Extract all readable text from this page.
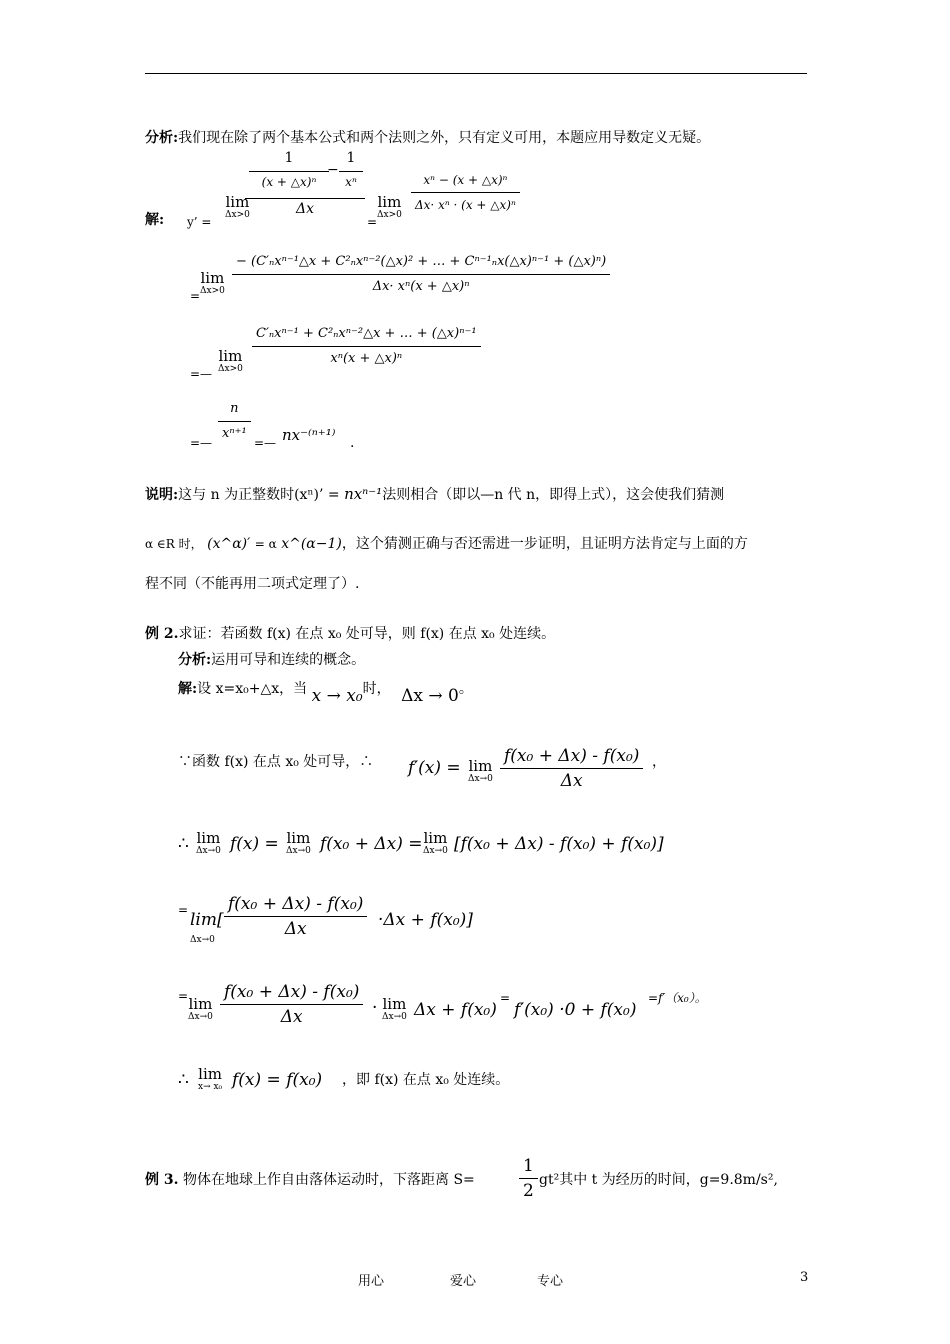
分析:我们现在除了两个基本公式和两个法则之外，只有定义可用，本题应用导数定义无疑。
解: y’ =
lim
Δx>0
1
(x + △x)ⁿ
−
1
xⁿ
Δx
=
lim
$\Delta x>0 \frac{\text{xⁿ − (x + △x)ⁿ}}{\text{Δx· xⁿ · (x + △x)ⁿ}}$
=
lim
Δx>0
− (C′ₙxⁿ⁻¹△x + C²ₙxⁿ⁻²(△x)² + … + Cⁿ⁻¹ₙx(△x)ⁿ⁻¹ + (△x)ⁿ)
Δx· xⁿ(x + △x)ⁿ
=—
lim
Δx>0
C′ₙxⁿ⁻¹ + C²ₙxⁿ⁻²△x + … + (△x)ⁿ⁻¹
xⁿ(x + △x)ⁿ
=— $\frac{n}{\text{xⁿ⁺¹}}$ =— nx⁻⁽ⁿ⁺¹⁾ .
说明:这与 n 为正整数时(xⁿ)’ = nxⁿ⁻¹法则相合（即以—n 代 n，即得上式），这会使我们猜测
α ∈R 时， (x^α)′ = α x^(α−1)，这个猜测正确与否还需进一步证明，且证明方法肯定与上面的方
程不同（不能再用二项式定理了）.
例 2.求证：若函数 f(x) 在点 x₀ 处可导，则 f(x) 在点 x₀ 处连续。
分析:运用可导和连续的概念。
解:设 x=x₀+△x，当 x → x₀时， Δx → 0。
∵函数 f(x) 在点 x₀ 处可导，∴ f′(x) = lim
$\Delta x\to 0 \frac{\text{f(x₀ + Δx) - f(x₀)}}{\Delta x}$ ，
∴ lim
Δx→0 f(x) = lim
Δx→0 f(x₀ + Δx) = lim
Δx→0 [f(x₀ + Δx) - f(x₀) + f(x₀)]
= lim[
Δx→0
$\frac{\text{f(x₀ + Δx) - f(x₀)}}{\Delta x} \cdot\Delta x + f(x_0)$]
= lim
$\Delta x\to 0 \frac{\text{f(x₀ + Δx) - f(x₀)}}{\Delta x} \cdot \lim$
Δx→0 Δx + f(x₀)
=
f′(x₀) ·0 + f(x₀)
= f′（x₀）。
∴ lim
x→ x₀ f(x) = f(x₀) ，即 f(x) 在点 x₀ 处连续。
例 3. 物体在地球上作自由落体运动时，下落距离 S=	$\frac{1}{2} gt^2$其中 t 为经历的时间，g=9.8m/s²,
用心	爱心	专心	3
